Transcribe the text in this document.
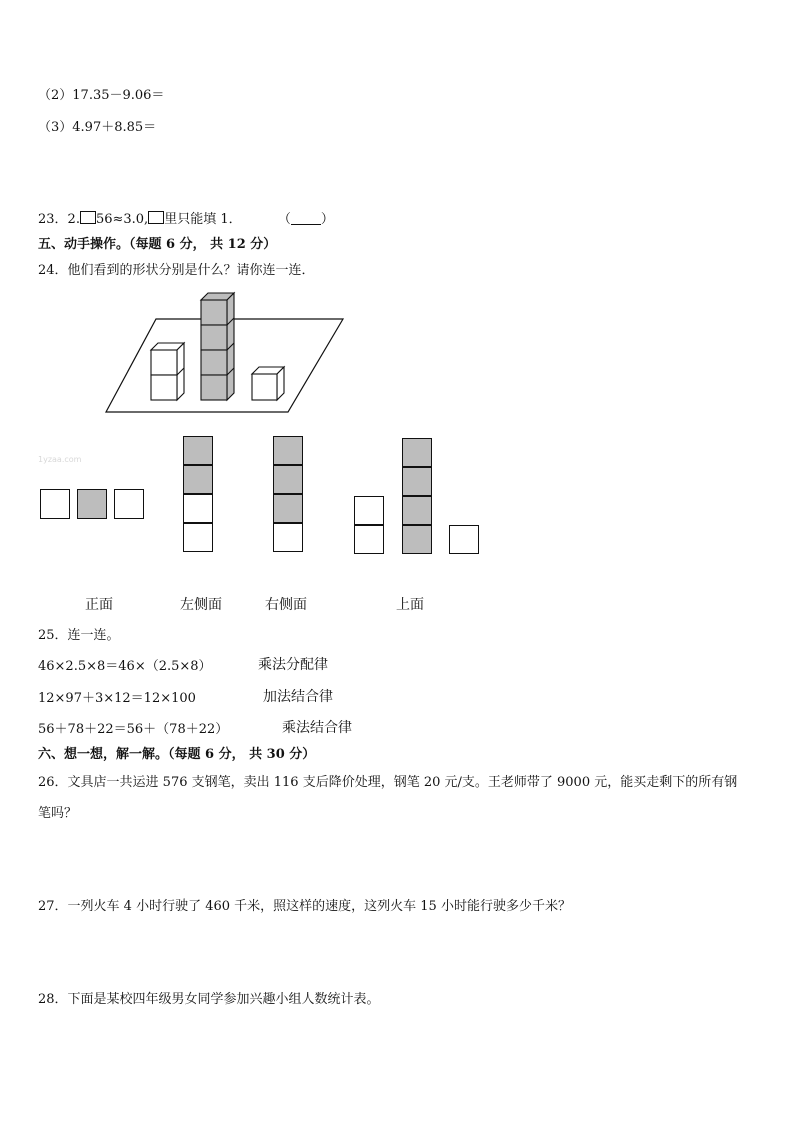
（2）17.35－9.06＝
（3）4.97＋8.85＝
23．2. 56≈3.0, 里只能填 1．	（ ）
五、动手操作。（每题 6 分， 共 12 分）
24．他们看到的形状分别是什么？请你连一连．
1yzaa.com
正面	左侧面	右侧面	上面
25．连一连。
46×2.5×8＝46×（2.5×8）
12×97＋3×12＝12×100
56＋78＋22＝56＋（78＋22）
乘法分配律
加法结合律
乘法结合律
六、想一想，解一解。（每题 6 分， 共 30 分）
26．文具店一共运进 576 支钢笔，卖出 116 支后降价处理，钢笔 20 元/支。王老师带了 9000 元，能买走剩下的所有钢
笔吗？
27．一列火车 4 小时行驶了 460 千米，照这样的速度，这列火车 15 小时能行驶多少千米？
28．下面是某校四年级男女同学参加兴趣小组人数统计表。
